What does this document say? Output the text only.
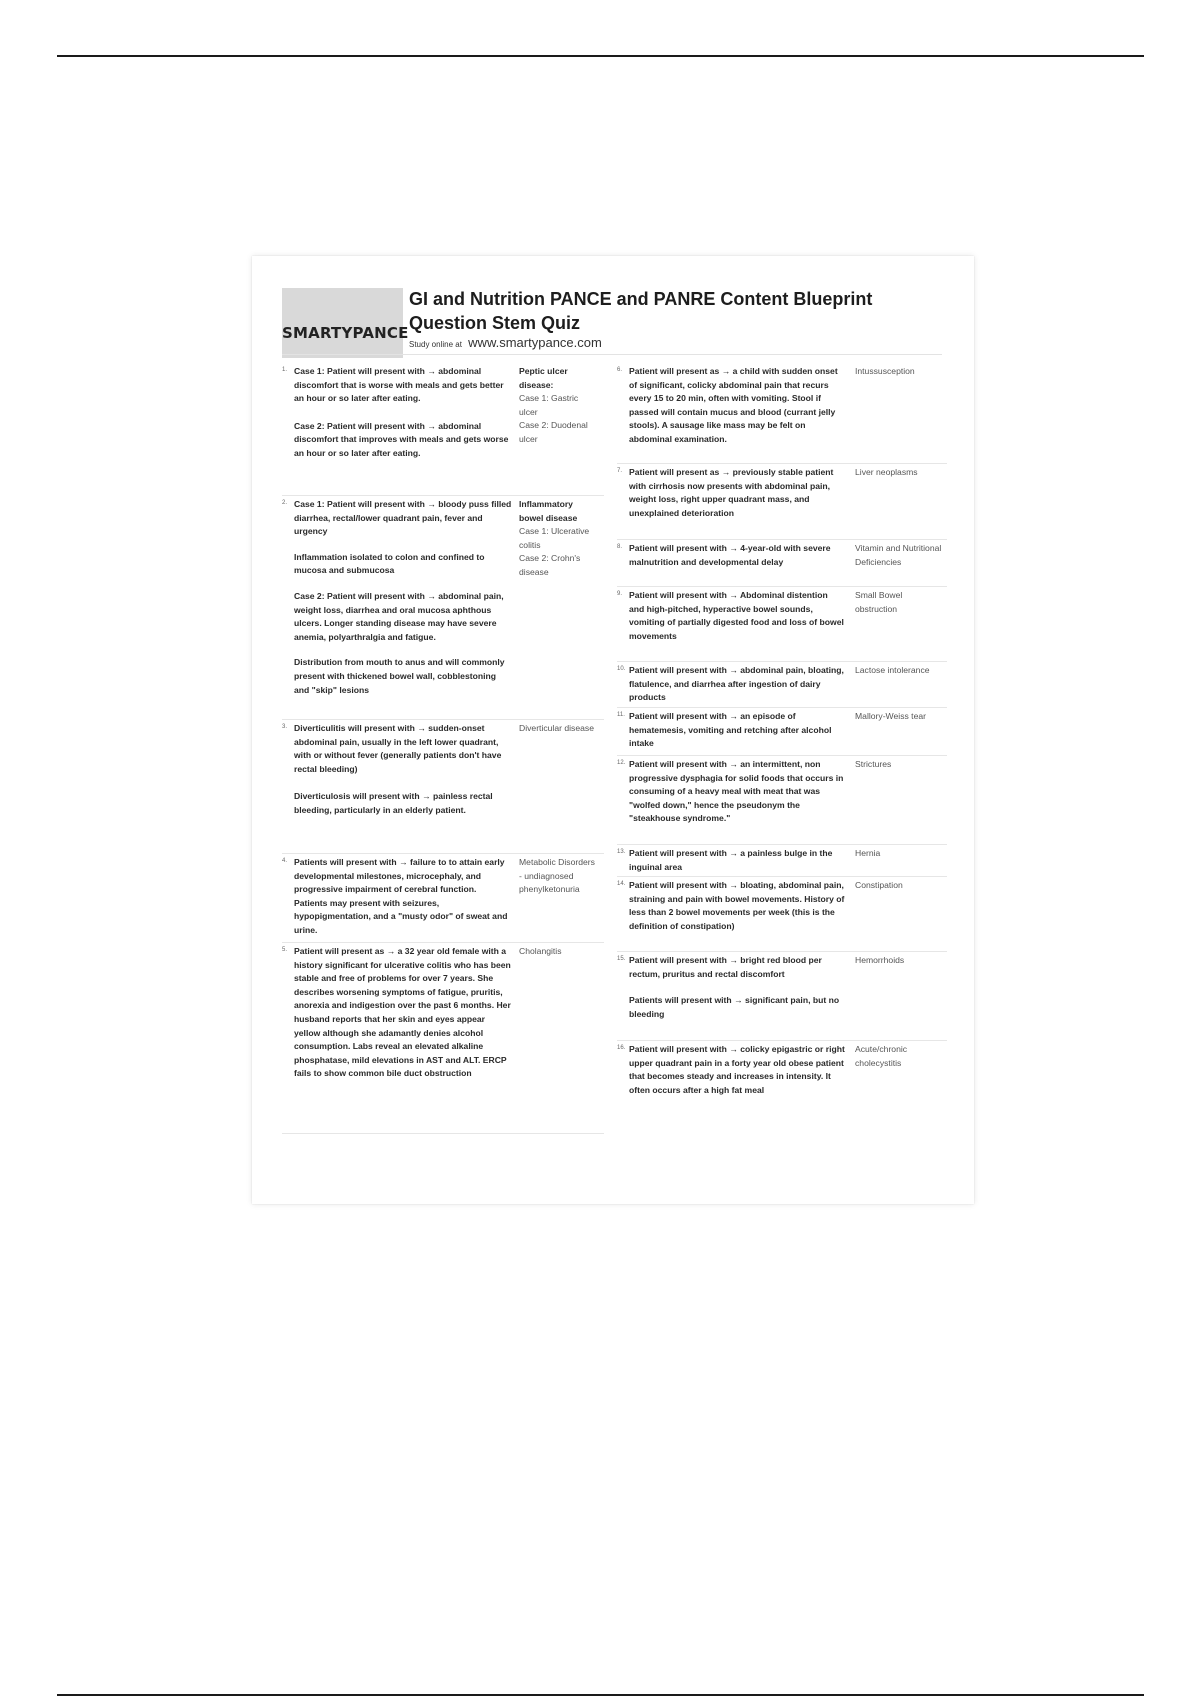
SMARTYPANCE
GI and Nutrition PANCE and PANRE Content Blueprint
Question Stem Quiz
Study online at www.smartypance.com
1. Case 1: Patient will present with → abdominal discomfort that is worse with meals and gets better an hour or so later after eating.

Case 2: Patient will present with → abdominal discomfort that improves with meals and gets worse an hour or so later after eating.

Peptic ulcer disease:

Case 1: Gastric ulcer

Case 2: Duodenal ulcer

2. Case 1: Patient will present with → bloody puss filled diarrhea, rectal/lower quadrant pain, fever and urgency

Inflammation isolated to colon and confined to mucosa and submucosa

Case 2: Patient will present with → abdominal pain, weight loss, diarrhea and oral mucosa aphthous ulcers. Longer standing disease may have severe anemia, polyarthralgia and fatigue.

Distribution from mouth to anus and will commonly present with thickened bowel wall, cobblestoning and "skip" lesions

Inflammatory bowel disease

Case 1: Ulcerative colitis

Case 2: Crohn's disease

3. Diverticulitis will present with → sudden-onset abdominal pain, usually in the left lower quadrant, with or without fever (generally patients don't have rectal bleeding)

Diverticulosis will present with → painless rectal bleeding, particularly in an elderly patient.

Diverticular disease

4. Patients will present with → failure to to attain early developmental milestones, microcephaly, and progressive impairment of cerebral function. Patients may present with seizures, hypopigmentation, and a "musty odor" of sweat and urine.

Metabolic Disorders - undiagnosed phenylketonuria

5. Patient will present as → a 32 year old female with a history significant for ulcerative colitis who has been stable and free of problems for over 7 years. She describes worsening symptoms of fatigue, pruritis, anorexia and indigestion over the past 6 months. Her husband reports that her skin and eyes appear yellow although she adamantly denies alcohol consumption. Labs reveal an elevated alkaline phosphatase, mild elevations in AST and ALT. ERCP fails to show common bile duct obstruction

Cholangitis

6. Patient will present as → a child with sudden onset of significant, colicky abdominal pain that recurs every 15 to 20 min, often with vomiting. Stool if passed will contain mucus and blood (currant jelly stools). A sausage like mass may be felt on abdominal examination.

Intussusception

7. Patient will present as → previously stable patient with cirrhosis now presents with abdominal pain, weight loss, right upper quadrant mass, and unexplained deterioration

Liver neoplasms

8. Patient will present with → 4-year-old with severe malnutrition and developmental delay

Vitamin and Nutritional Deficiencies

9. Patient will present with → Abdominal distention and high-pitched, hyperactive bowel sounds, vomiting of partially digested food and loss of bowel movements

Small Bowel obstruction

10. Patient will present with → abdominal pain, bloating, flatulence, and diarrhea after ingestion of dairy products

Lactose intolerance

11. Patient will present with → an episode of hematemesis, vomiting and retching after alcohol intake

Mallory-Weiss tear

12. Patient will present with → an intermittent, non progressive dysphagia for solid foods that occurs in consuming of a heavy meal with meat that was "wolfed down," hence the pseudonym the "steakhouse syndrome."

Strictures

13. Patient will present with → a painless bulge in the inguinal area

Hernia

14. Patient will present with → bloating, abdominal pain, straining and pain with bowel movements. History of less than 2 bowel movements per week (this is the definition of constipation)

Constipation

15. Patient will present with → bright red blood per rectum, pruritus and rectal discomfort

Patients will present with → significant pain, but no bleeding

Hemorrhoids

16. Patient will present with → colicky epigastric or right upper quadrant pain in a forty year old obese patient that becomes steady and increases in intensity. It often occurs after a high fat meal

Acute/chronic cholecystitis
